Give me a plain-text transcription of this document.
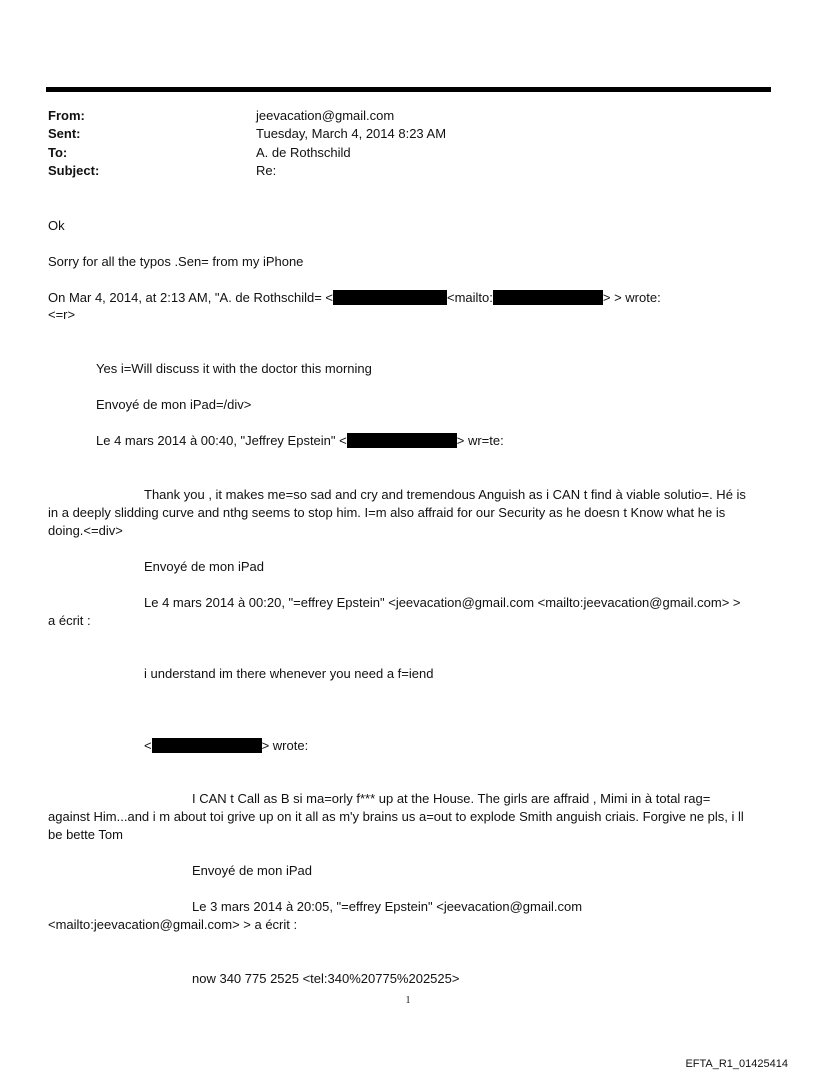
From:	jeevacation@gmail.com
Sent:	Tuesday, March 4, 2014 8:23 AM
To:	A. de Rothschild
Subject:	Re:
Ok
Sorry for all the typos .Sen= from my iPhone
On Mar 4, 2014, at 2:13 AM, "A. de Rothschild= <	<mailto:	> > wrote:
<=r>
Yes i=Will discuss it with the doctor this morning
Envoyé de mon iPad=/div>
Le 4 mars 2014 à 00:40, "Jeffrey Epstein" <	> wr=te:
Thank you , it makes me=so sad and cry and tremendous Anguish as i CAN t find à viable solutio=. Hé is
in a deeply slidding curve and nthg seems to stop him. I=m also affraid for our Security as he doesn t Know what he is
doing.<=div>
Envoyé de mon iPad
Le 4 mars 2014 à 00:20, "=effrey Epstein" <jeevacation@gmail.com <mailto:jeevacation@gmail.com> >
a écrit :
i understand im there whenever you need a f=iend
<	> wrote:
I CAN t Call as B si ma=orly f*** up at the House. The girls are affraid , Mimi in à total rag=
against Him...and i m about toi grive up on it all as m'y brains us a=out to explode Smith anguish criais. Forgive ne pls, i ll
be bette Tom
Envoyé de mon iPad
Le 3 mars 2014 à 20:05, "=effrey Epstein" <jeevacation@gmail.com
<mailto:jeevacation@gmail.com> > a écrit :
now 340 775 2525 <tel:340%20775%202525>
1
EFTA_R1_01425414
